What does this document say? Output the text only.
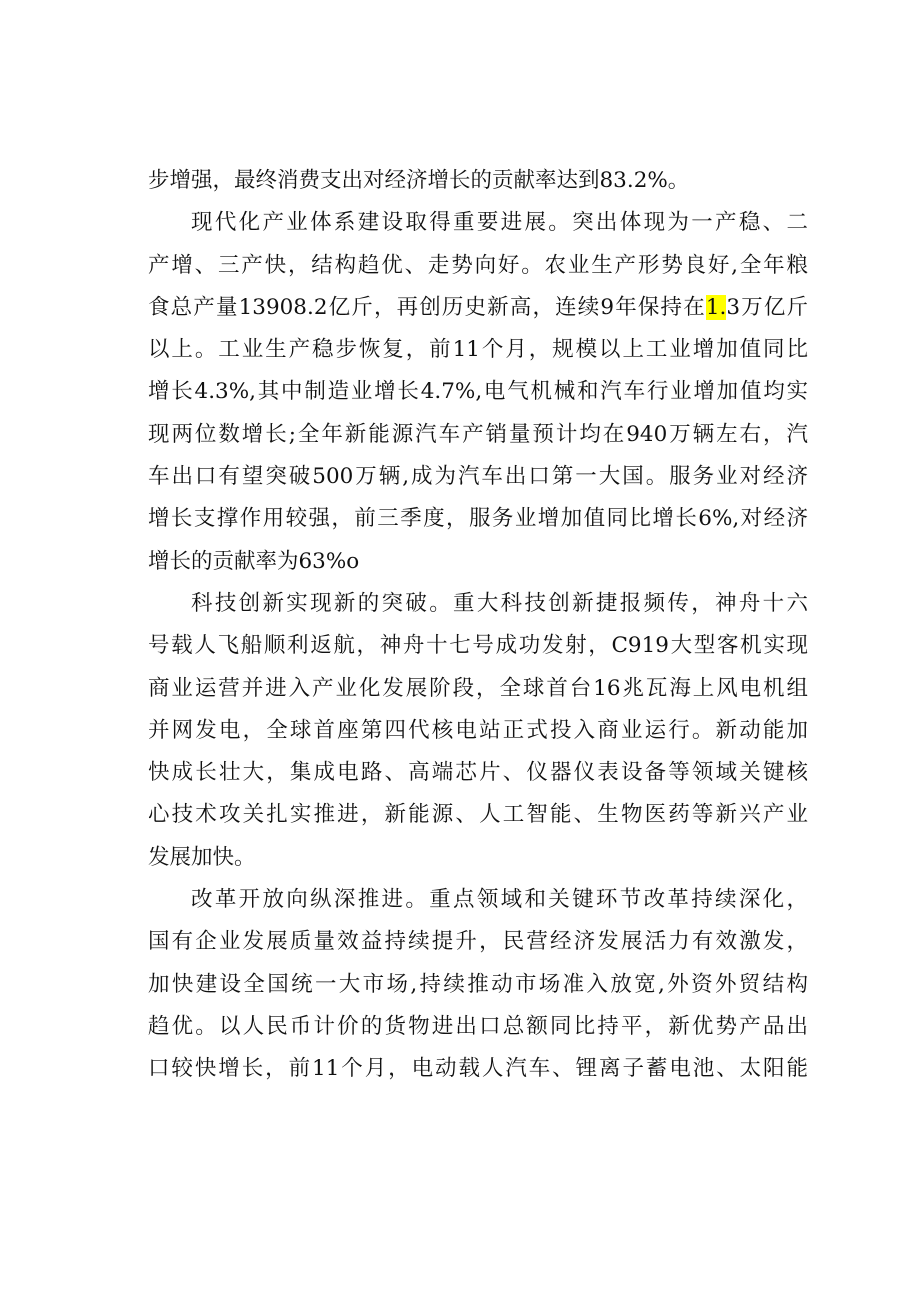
步增强，最终消费支出对经济增长的贡献率达到83.2%。
现代化产业体系建设取得重要进展。突出体现为一产稳、二
产增、三产快，结构趋优、走势向好。农业生产形势良好,全年粮
食总产量13908.2亿斤，再创历史新高，连续9年保持在1.3万亿斤
以上。工业生产稳步恢复，前11个月，规模以上工业增加值同比
增长4.3%,其中制造业增长4.7%,电气机械和汽车行业增加值均实
现两位数增长;全年新能源汽车产销量预计均在940万辆左右，汽
车出口有望突破500万辆,成为汽车出口第一大国。服务业对经济
增长支撑作用较强，前三季度，服务业增加值同比增长6%,对经济
增长的贡献率为63%o
科技创新实现新的突破。重大科技创新捷报频传，神舟十六
号载人飞船顺利返航，神舟十七号成功发射，C919大型客机实现
商业运营并进入产业化发展阶段，全球首台16兆瓦海上风电机组
并网发电，全球首座第四代核电站正式投入商业运行。新动能加
快成长壮大，集成电路、高端芯片、仪器仪表设备等领域关键核
心技术攻关扎实推进，新能源、人工智能、生物医药等新兴产业
发展加快。
改革开放向纵深推进。重点领域和关键环节改革持续深化，
国有企业发展质量效益持续提升，民营经济发展活力有效激发，
加快建设全国统一大市场,持续推动市场准入放宽,外资外贸结构
趋优。以人民币计价的货物进出口总额同比持平，新优势产品出
口较快增长，前11个月，电动载人汽车、锂离子蓄电池、太阳能
